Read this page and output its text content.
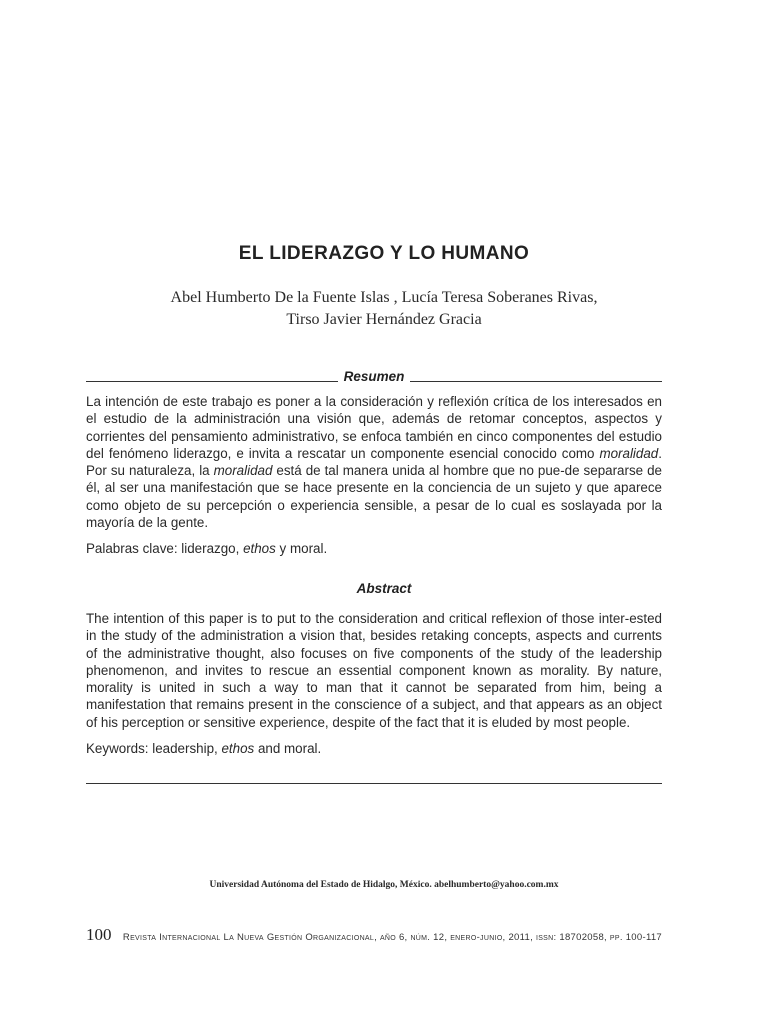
EL LIDERAZGO Y LO HUMANO
Abel Humberto De la Fuente Islas , Lucía Teresa Soberanes Rivas,
Tirso Javier Hernández Gracia
Resumen

La intención de este trabajo es poner a la consideración y reflexión crítica de los interesados en el estudio de la administración una visión que, además de retomar conceptos, aspectos y corrientes del pensamiento administrativo, se enfoca también en cinco componentes del estudio del fenómeno liderazgo, e invita a rescatar un componente esencial conocido como moralidad. Por su naturaleza, la moralidad está de tal manera unida al hombre que no pue-de separarse de él, al ser una manifestación que se hace presente en la conciencia de un sujeto y que aparece como objeto de su percepción o experiencia sensible, a pesar de lo cual es soslayada por la mayoría de la gente.

Palabras clave: liderazgo, ethos y moral.

Abstract

The intention of this paper is to put to the consideration and critical reflexion of those inter-ested in the study of the administration a vision that, besides retaking concepts, aspects and currents of the administrative thought, also focuses on five components of the study of the leadership phenomenon, and invites to rescue an essential component known as morality. By nature, morality is united in such a way to man that it cannot be separated from him, being a manifestation that remains present in the conscience of a subject, and that appears as an object of his perception or sensitive experience, despite of the fact that it is eluded by most people.

Keywords: leadership, ethos and moral.

Universidad Autónoma del Estado de Hidalgo, México. abelhumberto@yahoo.com.mx
100	Revista Internacional La Nueva Gestión Organizacional, año 6, núm. 12, enero-junio, 2011, issn: 18702058, pp. 100-117
